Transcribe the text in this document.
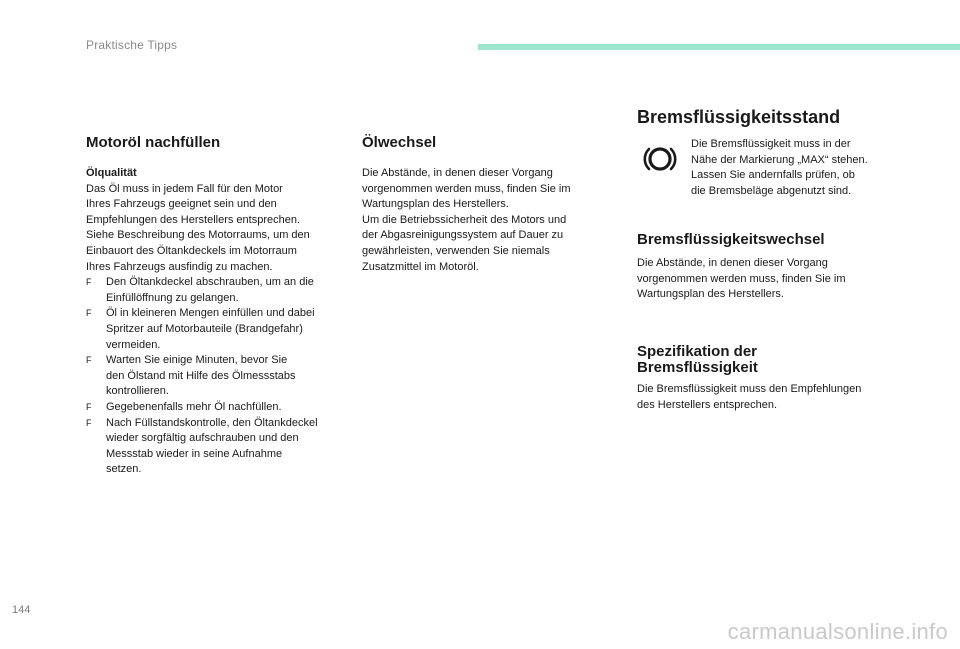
Praktische Tipps
Motoröl nachfüllen

Ölqualität

Das Öl muss in jedem Fall für den Motor
Ihres Fahrzeugs geeignet sein und den
Empfehlungen des Herstellers entsprechen.
Siehe Beschreibung des Motorraums, um den
Einbauort des Öltankdeckels im Motorraum
Ihres Fahrzeugs ausfindig zu machen.

F Den Öltankdeckel abschrauben, um an die
Einfüllöffnung zu gelangen.
F Öl in kleineren Mengen einfüllen und dabei
Spritzer auf Motorbauteile (Brandgefahr)
vermeiden.
F Warten Sie einige Minuten, bevor Sie
den Ölstand mit Hilfe des Ölmessstabs
kontrollieren.
F Gegebenenfalls mehr Öl nachfüllen.
F Nach Füllstandskontrolle, den Öltankdeckel
wieder sorgfältig aufschrauben und den
Messstab wieder in seine Aufnahme
setzen.
Ölwechsel

Die Abstände, in denen dieser Vorgang
vorgenommen werden muss, finden Sie im
Wartungsplan des Herstellers.
Um die Betriebssicherheit des Motors und
der Abgasreinigungssystem auf Dauer zu
gewährleisten, verwenden Sie niemals
Zusatzmittel im Motoröl.

Bremsflüssigkeitsstand

Die Bremsflüssigkeit muss in der
Nähe der Markierung „MAX“ stehen.
Lassen Sie andernfalls prüfen, ob
die Bremsbeläge abgenutzt sind.

Bremsflüssigkeitswechsel

Die Abstände, in denen dieser Vorgang
vorgenommen werden muss, finden Sie im
Wartungsplan des Herstellers.

Spezifikation der
Bremsflüssigkeit

Die Bremsflüssigkeit muss den Empfehlungen
des Herstellers entsprechen.

144
carmanualsonline.info
